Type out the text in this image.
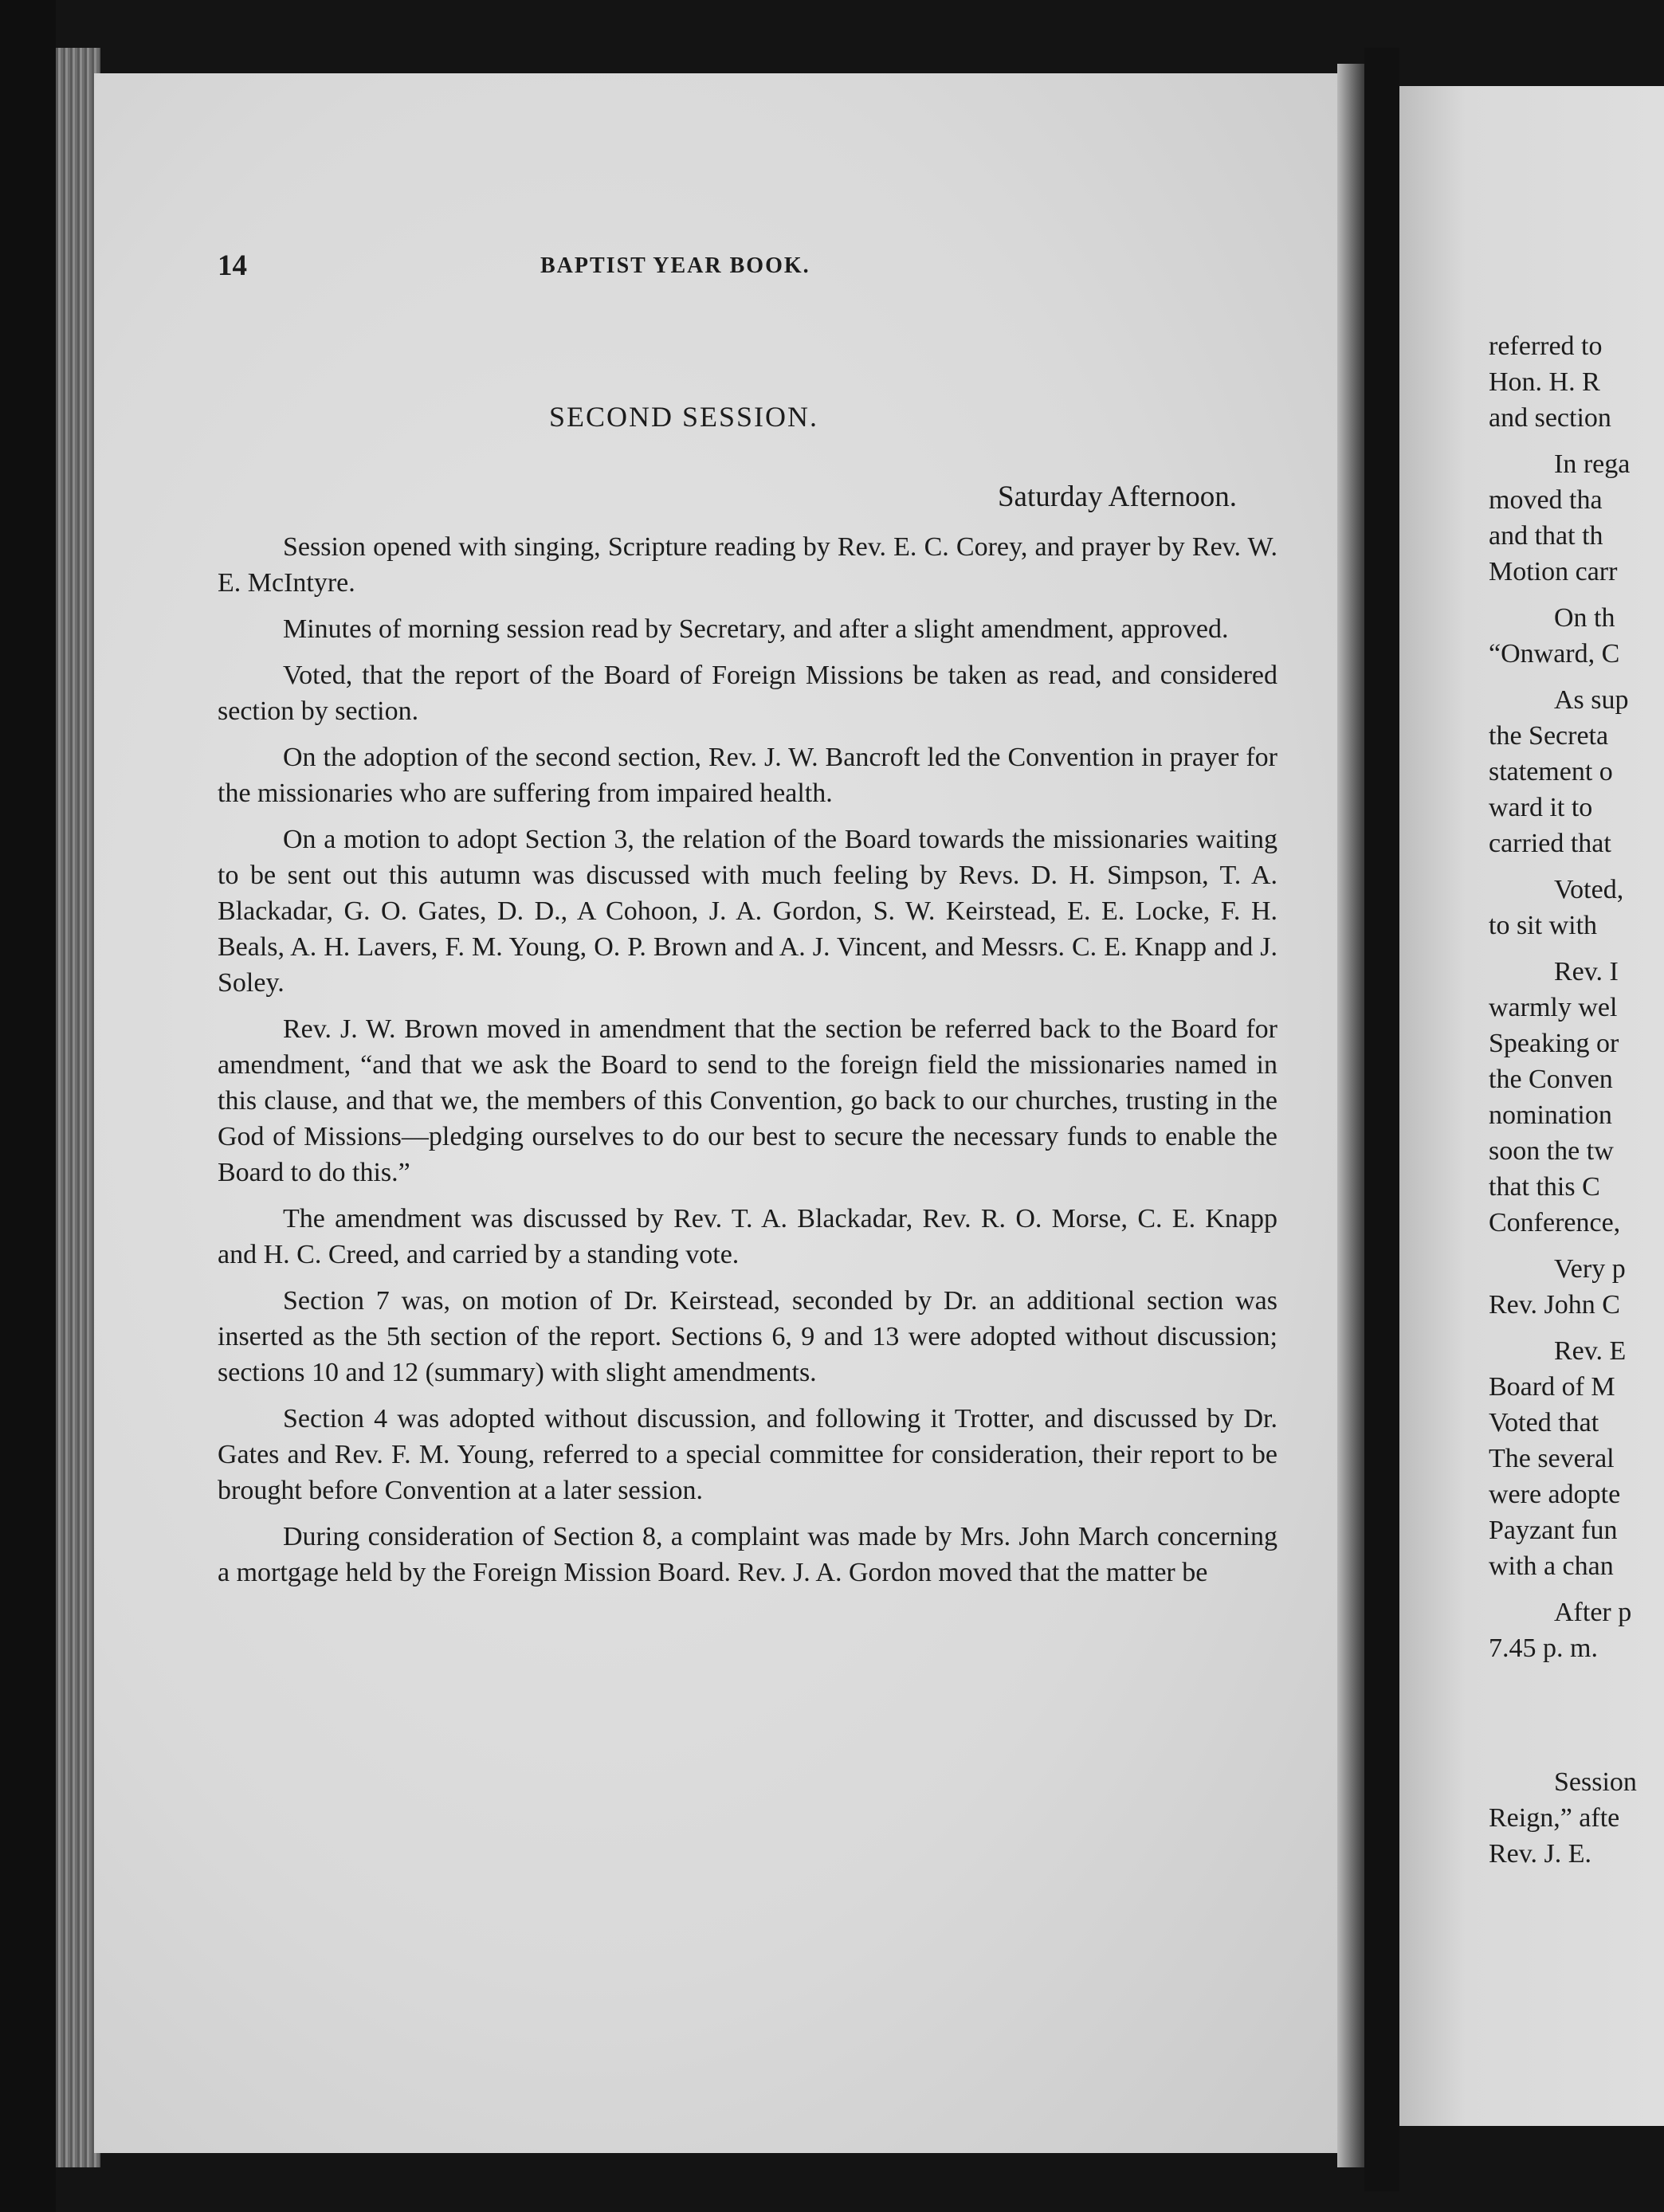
14	BAPTIST YEAR BOOK.
SECOND SESSION.
Saturday Afternoon.

Session opened with singing, Scripture reading by Rev. E. C. Corey, and prayer by Rev. W. E. McIntyre.

Minutes of morning session read by Secretary, and after a slight amendment, approved.

Voted, that the report of the Board of Foreign Missions be taken as read, and considered section by section.

On the adoption of the second section, Rev. J. W. Bancroft led the Convention in prayer for the missionaries who are suffering from impaired health.

On a motion to adopt Section 3, the relation of the Board towards the missionaries waiting to be sent out this autumn was discussed with much feeling by Revs. D. H. Simpson, T. A. Blackadar, G. O. Gates, D. D., A Cohoon, J. A. Gordon, S. W. Keirstead, E. E. Locke, F. H. Beals, A. H. Lavers, F. M. Young, O. P. Brown and A. J. Vincent, and Messrs. C. E. Knapp and J. Soley.

Rev. J. W. Brown moved in amendment that the section be referred back to the Board for amendment, “and that we ask the Board to send to the foreign field the missionaries named in this clause, and that we, the members of this Convention, go back to our churches, trusting in the God of Missions—pledging ourselves to do our best to secure the necessary funds to enable the Board to do this.”

The amendment was discussed by Rev. T. A. Blackadar, Rev. R. O. Morse, C. E. Knapp and H. C. Creed, and carried by a standing vote.

Section 7 was, on motion of Dr. Keirstead, seconded by Dr. an additional section was inserted as the 5th section of the report. Sections 6, 9 and 13 were adopted without discussion; sections 10 and 12 (summary) with slight amendments.

Section 4 was adopted without discussion, and following it Trotter, and discussed by Dr. Gates and Rev. F. M. Young, referred to a special committee for consideration, their report to be brought before Convention at a later session.

During consideration of Section 8, a complaint was made by Mrs. John March concerning a mortgage held by the Foreign Mission Board. Rev. J. A. Gordon moved that the matter be

referred to
Hon. H. R
and section
In rega
moved tha
and that th
Motion carr
On th
“Onward, C
As sup
the Secreta
statement o
ward it to
carried that
Voted,
to sit with
Rev. I
warmly wel
Speaking or
the Conven
nomination
soon the tw
that this C
Conference,
Very p
Rev. John C
Rev. E
Board of M
Voted that
The several
were adopte
Payzant fun
with a chan
After p
7.45 p. m.
Session
Reign,” afte
Rev. J. E.
